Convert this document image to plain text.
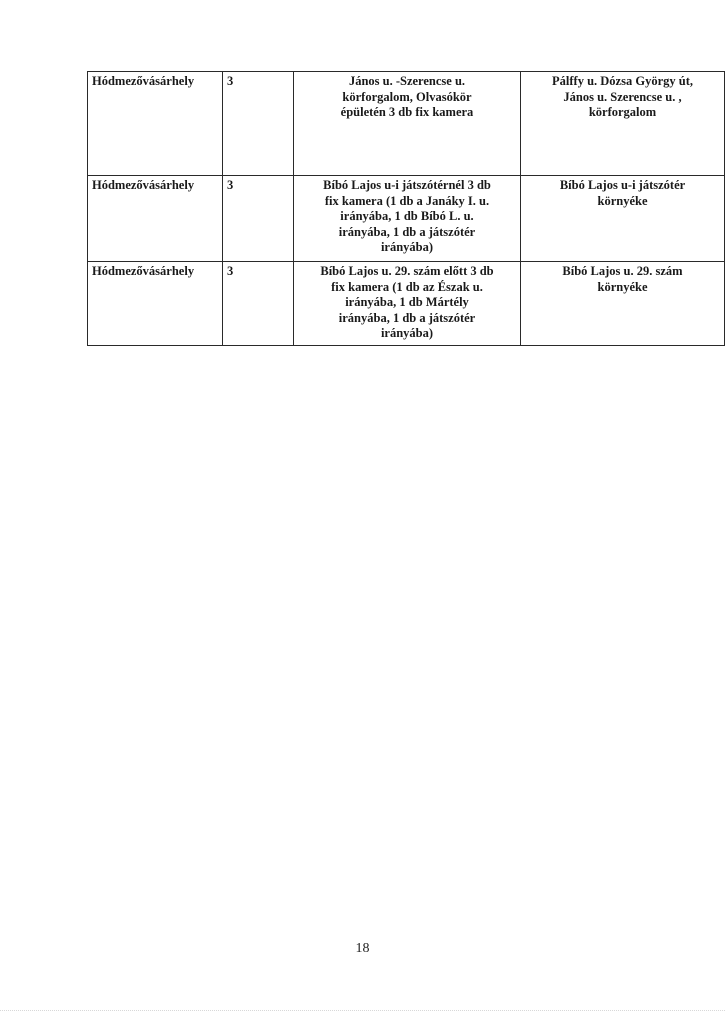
Hódmezővásárhely	3	János u. -Szerencse u.
körforgalom, Olvasókör
épületén 3 db fix kamera	Pálffy u. Dózsa György út,
János u. Szerencse u. ,
körforgalom
Hódmezővásárhely	3	Bíbó Lajos u-i játszótérnél 3 db
fix kamera (1 db a Janáky I. u.
irányába, 1 db Bíbó L. u.
irányába, 1 db a játszótér
irányába)	Bíbó Lajos u-i játszótér
környéke
Hódmezővásárhely	3	Bíbó Lajos u. 29. szám előtt 3 db
fix kamera (1 db az Észak u.
irányába, 1 db Mártély
irányába, 1 db a játszótér
irányába)	Bíbó Lajos u. 29. szám
környéke
18
